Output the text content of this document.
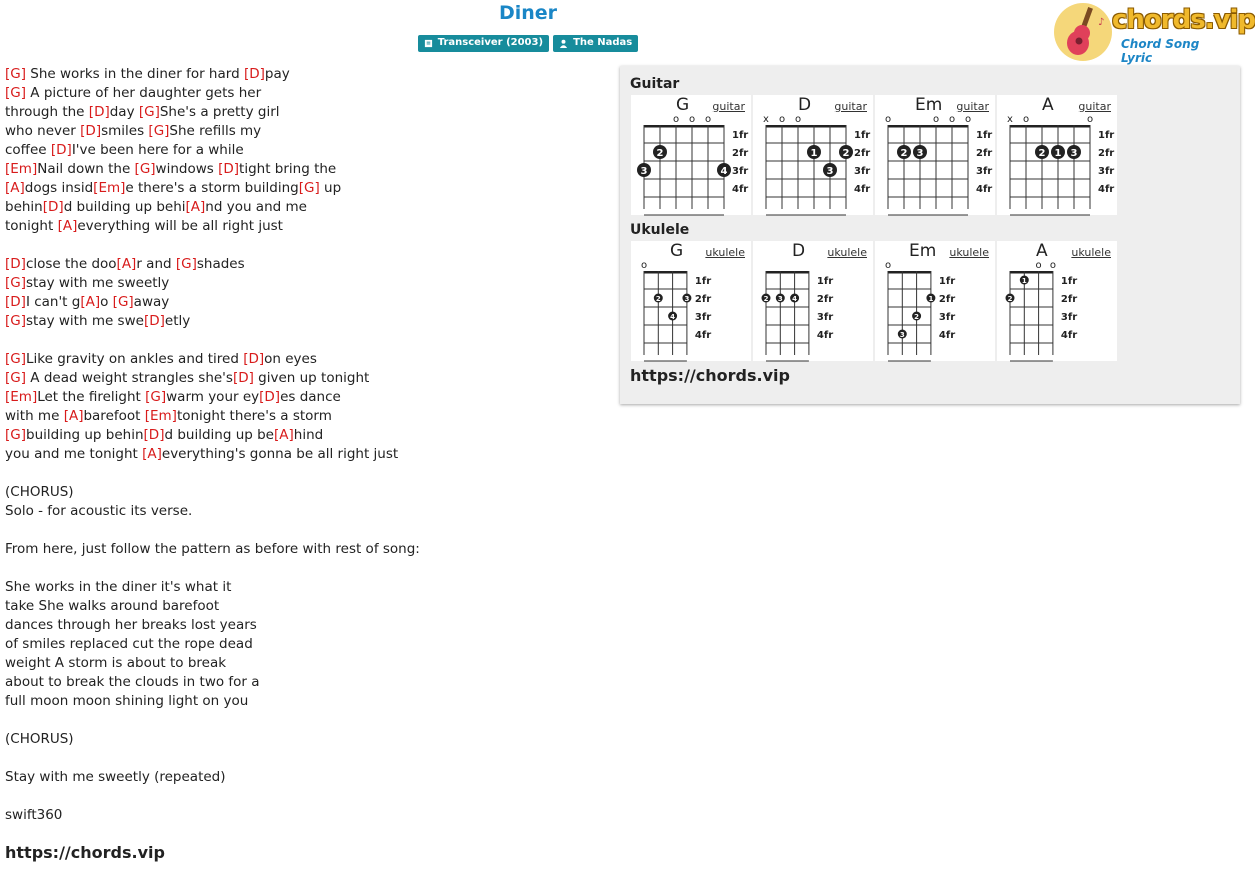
Diner
Transceiver (2003)	The Nadas
♪ chords.vip
Chord Song Lyric
[G] She works in the diner for hard [D]pay
[G] A picture of her daughter gets her
through the [D]day [G]She's a pretty girl
who never [D]smiles [G]She refills my
coffee [D]I've been here for a while
[Em]Nail down the [G]windows [D]tight bring the
[A]dogs insid[Em]e there's a storm building[G] up
behin[D]d building up behi[A]nd you and me
tonight [A]everything will be all right just
[D]close the doo[A]r and [G]shades
[G]stay with me sweetly
[D]I can't g[A]o [G]away
[G]stay with me swe[D]etly
[G]Like gravity on ankles and tired [D]on eyes
[G] A dead weight strangles she's[D] given up tonight
[Em]Let the firelight [G]warm your ey[D]es dance
with me [A]barefoot [Em]tonight there's a storm
[G]building up behin[D]d building up be[A]hind
you and me tonight [A]everything's gonna be all right just
(CHORUS)
Solo - for acoustic its verse.
From here, just follow the pattern as before with rest of song:
She works in the diner it's what it
take She walks around barefoot
dances through her breaks lost years
of smiles replaced cut the rope dead
weight A storm is about to break
about to break the clouds in two for a
full moon moon shining light on you
(CHORUS)
Stay with me sweetly (repeated)
swift360
https://chords.vip
Guitar
1fr
2fr
3fr
4fr
o o o
2
3	4
G guitar
1fr
2fr
3fr
4fr
x o o
1	2
3
D guitar
1fr
2fr
3fr
4fr
o	o o o
2 3
Em guitar
1fr
2fr
3fr
4fr
x o	o
2 1 3
A guitar
Ukulele
1fr
2fr
3fr
4fr
o
2	3
4
G ukulele
1fr
2fr
3fr
4fr
2 3 4
D ukulele
1fr
2fr
3fr
4fr
o
1
2
3
Em ukulele
1fr
2fr
3fr
4fr
o o
1
2
A ukulele
https://chords.vip
